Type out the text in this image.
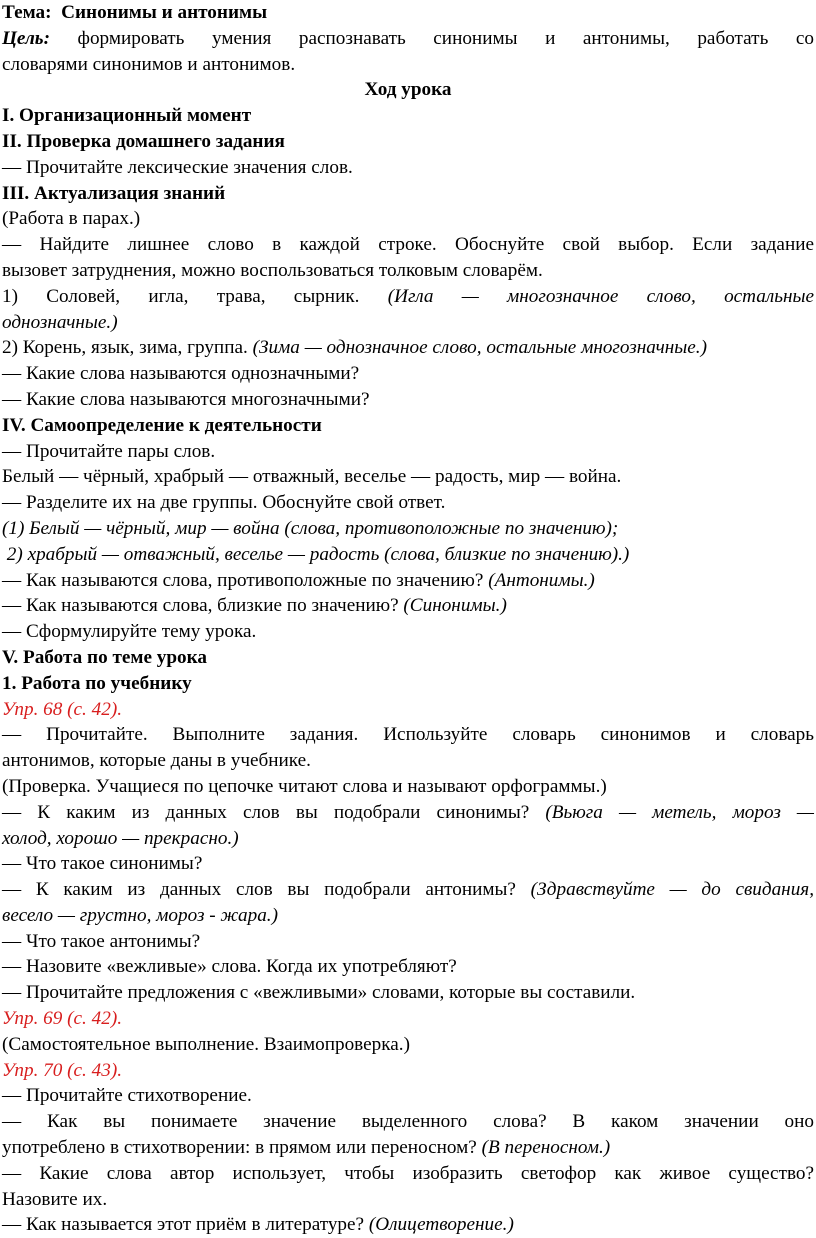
Тема: Синонимы и антонимы
Цель: формировать умения распознавать синонимы и антонимы, работать со
словарями синонимов и антонимов.
Ход урока
I. Организационный момент
II. Проверка домашнего задания
— Прочитайте лексические значения слов.
III. Актуализация знаний
(Работа в парах.)
— Найдите лишнее слово в каждой строке. Обоснуйте свой выбор. Если задание
вызовет затруднения, можно воспользоваться толковым словарём.
1) Соловей, игла, трава, сырник. (Игла — многозначное слово, остальные
однозначные.)
2) Корень, язык, зима, группа. (Зима — однозначное слово, остальные многозначные.)
— Какие слова называются однозначными?
— Какие слова называются многозначными?
IV. Самоопределение к деятельности
— Прочитайте пары слов.
Белый — чёрный, храбрый — отважный, веселье — радость, мир — война.
— Разделите их на две группы. Обоснуйте свой ответ.
(1) Белый — чёрный, мир — война (слова, противоположные по значению);
2) храбрый — отважный, веселье — радость (слова, близкие по значению).)
— Как называются слова, противоположные по значению? (Антонимы.)
— Как называются слова, близкие по значению? (Синонимы.)
— Сформулируйте тему урока.
V. Работа по теме урока
1. Работа по учебнику
Упр. 68 (с. 42).
— Прочитайте. Выполните задания. Используйте словарь синонимов и словарь
антонимов, которые даны в учебнике.
(Проверка. Учащиеся по цепочке читают слова и называют орфограммы.)
— К каким из данных слов вы подобрали синонимы? (Вьюга — метель, мороз —
холод, хорошо — прекрасно.)
— Что такое синонимы?
— К каким из данных слов вы подобрали антонимы? (Здравствуйте — до свидания,
весело — грустно, мороз - жара.)
— Что такое антонимы?
— Назовите «вежливые» слова. Когда их употребляют?
— Прочитайте предложения с «вежливыми» словами, которые вы составили.
Упр. 69 (с. 42).
(Самостоятельное выполнение. Взаимопроверка.)
Упр. 70 (с. 43).
— Прочитайте стихотворение.
— Как вы понимаете значение выделенного слова? В каком значении оно
употреблено в стихотворении: в прямом или переносном? (В переносном.)
— Какие слова автор использует, чтобы изобразить светофор как живое существо?
Назовите их.
— Как называется этот приём в литературе? (Олицетворение.)
